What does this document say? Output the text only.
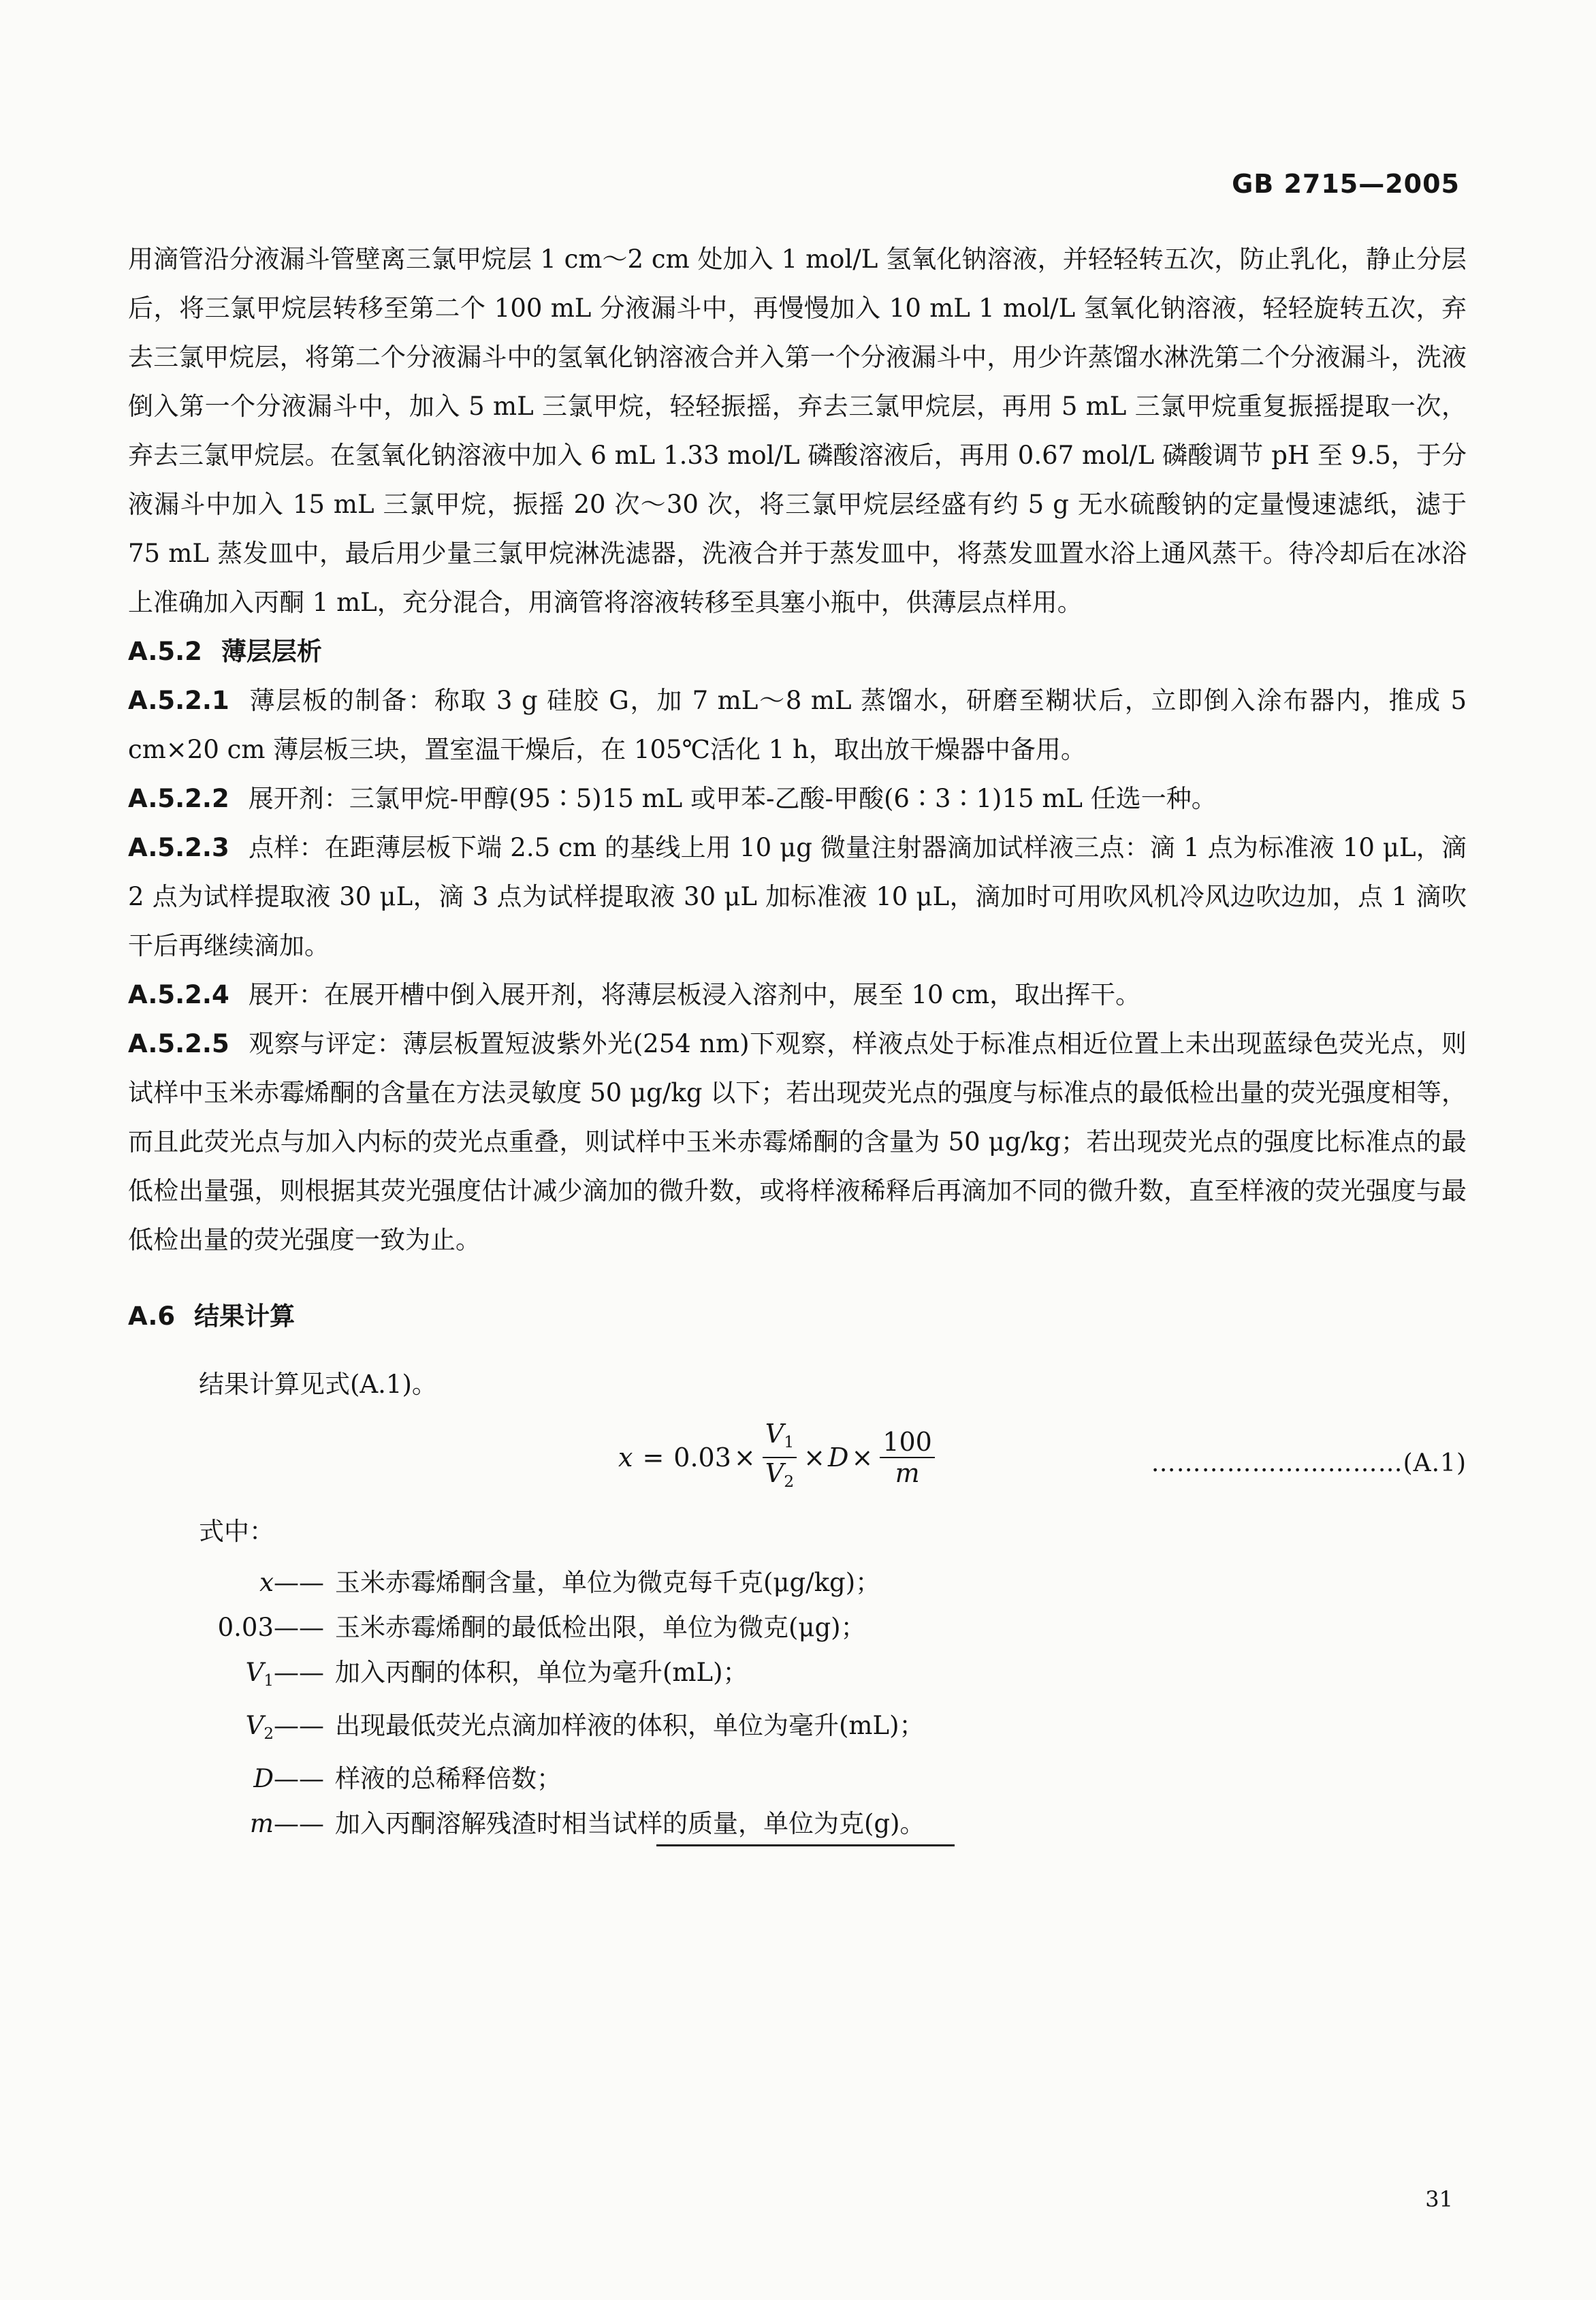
GB 2715—2005

用滴管沿分液漏斗管壁离三氯甲烷层 1 cm～2 cm 处加入 1 mol/L 氢氧化钠溶液，并轻轻转五次，防止乳化，静止分层后，将三氯甲烷层转移至第二个 100 mL 分液漏斗中，再慢慢加入 10 mL 1 mol/L 氢氧化钠溶液，轻轻旋转五次，弃去三氯甲烷层，将第二个分液漏斗中的氢氧化钠溶液合并入第一个分液漏斗中，用少许蒸馏水淋洗第二个分液漏斗，洗液倒入第一个分液漏斗中，加入 5 mL 三氯甲烷，轻轻振摇，弃去三氯甲烷层，再用 5 mL 三氯甲烷重复振摇提取一次，弃去三氯甲烷层。在氢氧化钠溶液中加入 6 mL 1.33 mol/L 磷酸溶液后，再用 0.67 mol/L 磷酸调节 pH 至 9.5，于分液漏斗中加入 15 mL 三氯甲烷，振摇 20 次～30 次，将三氯甲烷层经盛有约 5 g 无水硫酸钠的定量慢速滤纸，滤于 75 mL 蒸发皿中，最后用少量三氯甲烷淋洗滤器，洗液合并于蒸发皿中，将蒸发皿置水浴上通风蒸干。待冷却后在冰浴上准确加入丙酮 1 mL，充分混合，用滴管将溶液转移至具塞小瓶中，供薄层点样用。

A.5.2 薄层层析

A.5.2.1 薄层板的制备：称取 3 g 硅胶 G，加 7 mL～8 mL 蒸馏水，研磨至糊状后，立即倒入涂布器内，推成 5 cm×20 cm 薄层板三块，置室温干燥后，在 105℃活化 1 h，取出放干燥器中备用。

A.5.2.2 展开剂：三氯甲烷-甲醇(95∶5)15 mL 或甲苯-乙酸-甲酸(6∶3∶1)15 mL 任选一种。

A.5.2.3 点样：在距薄层板下端 2.5 cm 的基线上用 10 μg 微量注射器滴加试样液三点：滴 1 点为标准液 10 μL，滴 2 点为试样提取液 30 μL，滴 3 点为试样提取液 30 μL 加标准液 10 μL，滴加时可用吹风机冷风边吹边加，点 1 滴吹干后再继续滴加。

A.5.2.4 展开：在展开槽中倒入展开剂，将薄层板浸入溶剂中，展至 10 cm，取出挥干。

A.5.2.5 观察与评定：薄层板置短波紫外光(254 nm)下观察，样液点处于标准点相近位置上未出现蓝绿色荧光点，则试样中玉米赤霉烯酮的含量在方法灵敏度 50 μg/kg 以下；若出现荧光点的强度与标准点的最低检出量的荧光强度相等，而且此荧光点与加入内标的荧光点重叠，则试样中玉米赤霉烯酮的含量为 50 μg/kg；若出现荧光点的强度比标准点的最低检出量强，则根据其荧光强度估计减少滴加的微升数，或将样液稀释后再滴加不同的微升数，直至样液的荧光强度与最低检出量的荧光强度一致为止。

A.6 结果计算

结果计算见式(A.1)。

$x = 0.03 \times \frac{V_1}{V_2} \times D \times \frac{100}{m}$	…………………………(A.1)

式中：

x —— 玉米赤霉烯酮含量，单位为微克每千克(μg/kg)；
0.03 —— 玉米赤霉烯酮的最低检出限，单位为微克(μg)；
$V_1$ —— 加入丙酮的体积，单位为毫升(mL)；
$V_2$ —— 出现最低荧光点滴加样液的体积，单位为毫升(mL)；
D —— 样液的总稀释倍数；
m —— 加入丙酮溶解残渣时相当试样的质量，单位为克(g)。
31
